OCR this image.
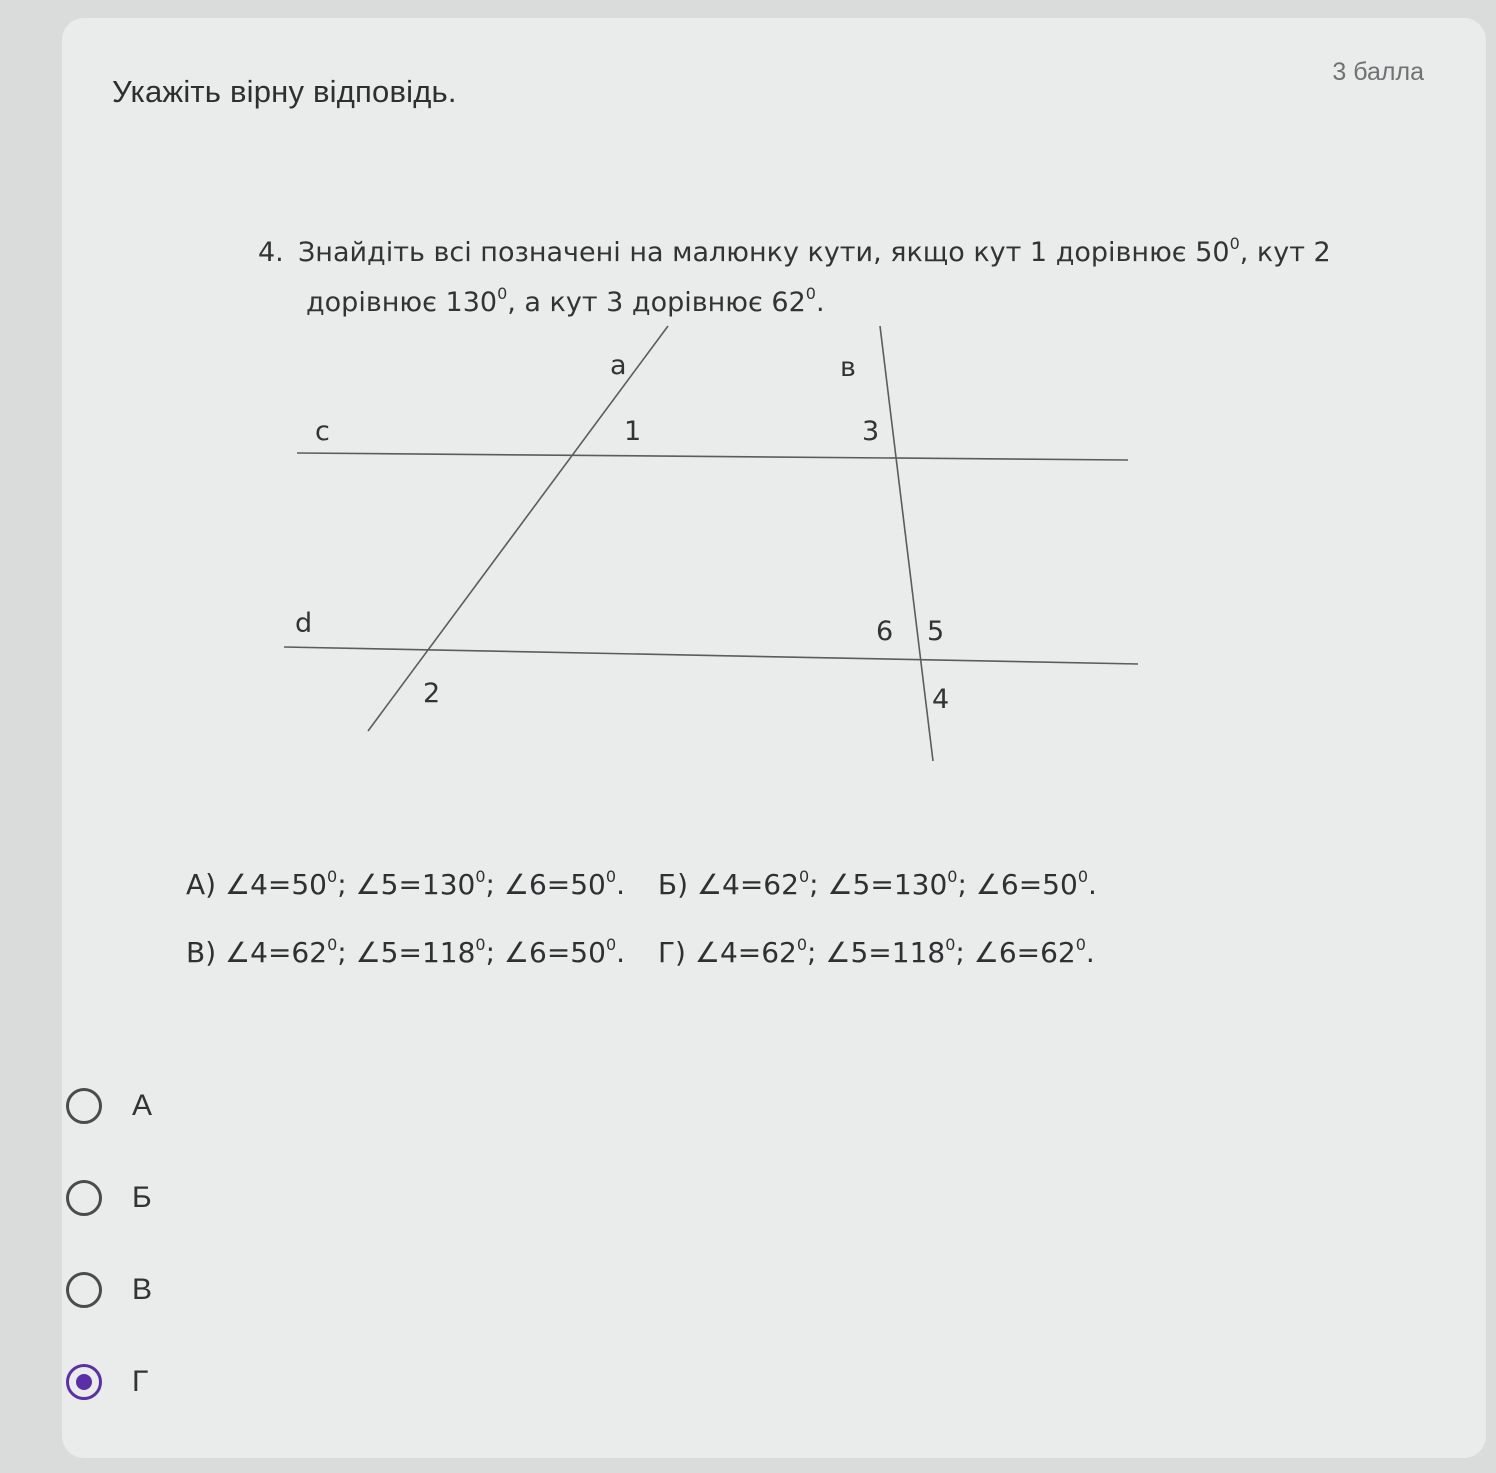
Укажіть вірну відповідь.
3 балла
4. Знайдіть всі позначені на малюнку кути, якщо кут 1 дорівнює $50^0$, кут 2
дорівнює $130^0$, а кут 3 дорівнює $62^0$.
а	в
с
d
1
2
3
4
5
6
А) $\angle 4=50^0$; $\angle 5=130^0$; $\angle 6=50^0$. Б) $\angle 4=62^0$; $\angle 5=130^0$; $\angle 6=50^0$.
В) $\angle 4=62^0$; $\angle 5=118^0$; $\angle 6=50^0$. Г) $\angle 4=62^0$; $\angle 5=118^0$; $\angle 6=62^0$.
А
Б
В
Г
